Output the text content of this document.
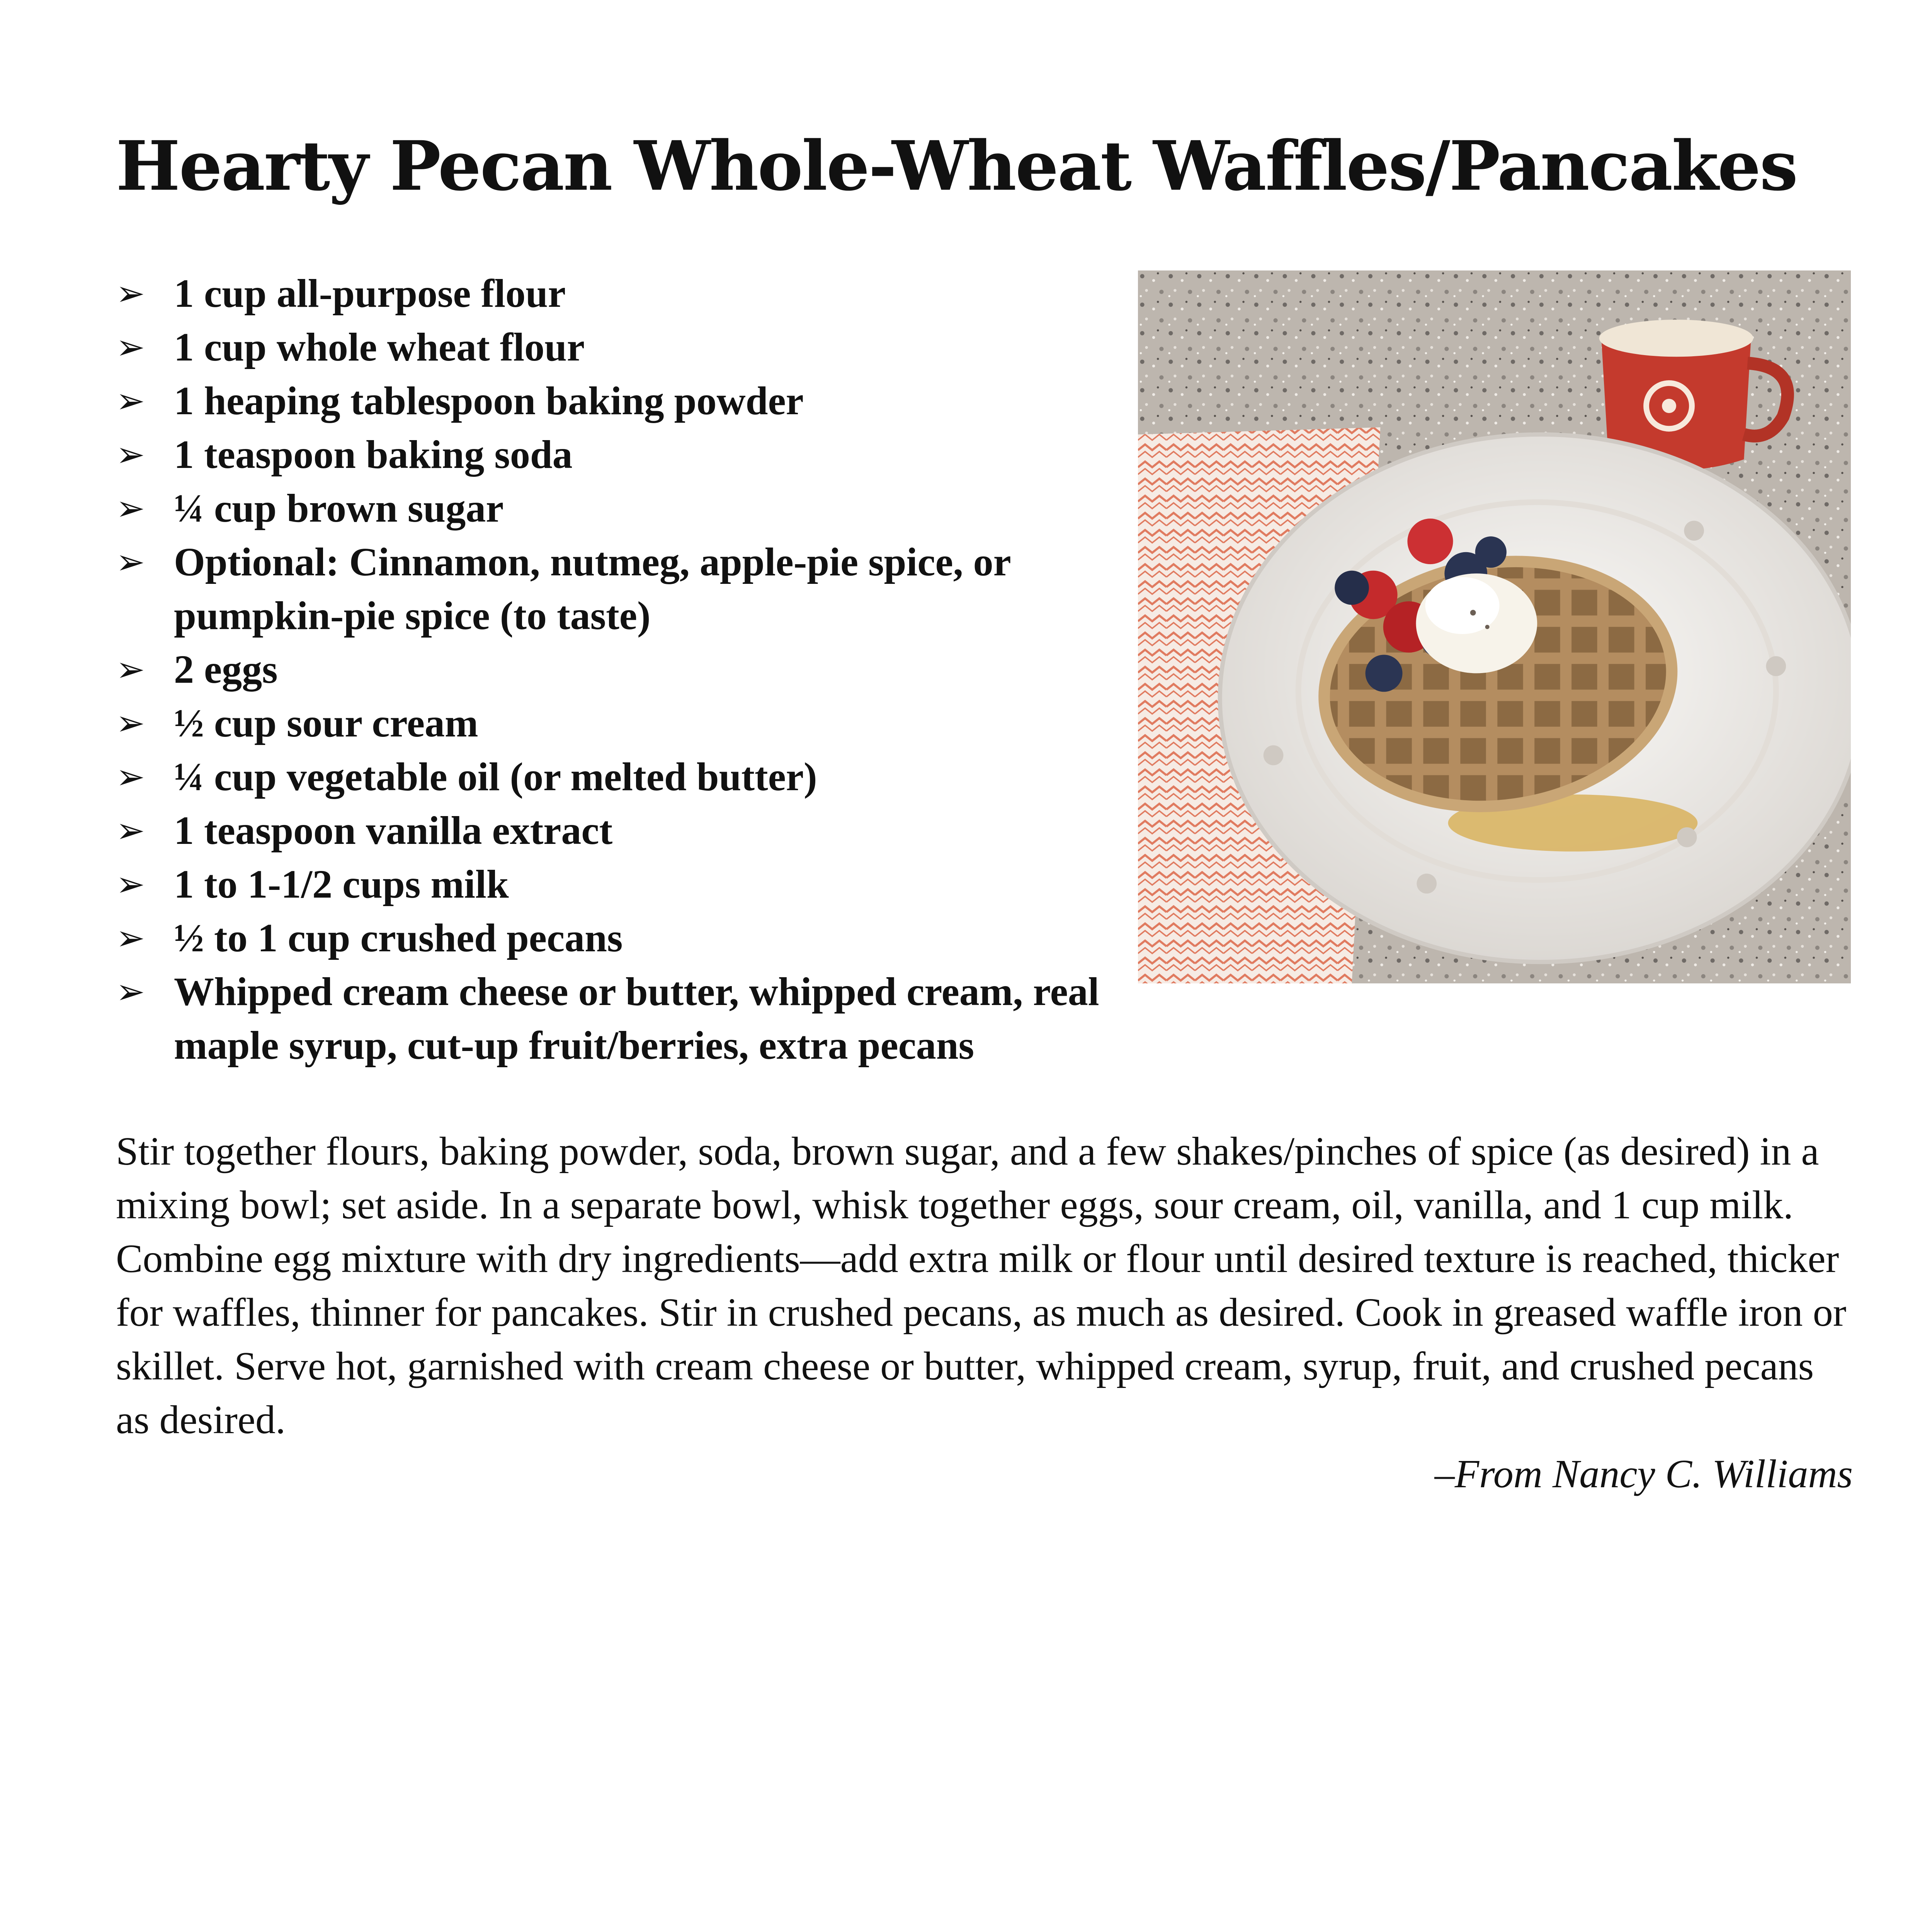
Hearty Pecan Whole-Wheat Waffles/Pancakes
➢ 1 cup all-purpose flour
➢ 1 cup whole wheat flour
➢ 1 heaping tablespoon baking powder
➢ 1 teaspoon baking soda
➢ ¼ cup brown sugar
➢ Optional: Cinnamon, nutmeg, apple-pie spice, or pumpkin-pie spice (to taste)
➢ 2 eggs
➢ ½ cup sour cream
➢ ¼ cup vegetable oil (or melted butter)
➢ 1 teaspoon vanilla extract
➢ 1 to 1-1/2 cups milk
➢ ½ to 1 cup crushed pecans
➢ Whipped cream cheese or butter, whipped cream, real maple syrup, cut-up fruit/berries, extra pecans

Stir together flours, baking powder, soda, brown sugar, and a few shakes/pinches of spice (as desired) in a mixing bowl; set aside. In a separate bowl, whisk together eggs, sour cream, oil, vanilla, and 1 cup milk. Combine egg mixture with dry ingredients—add extra milk or flour until desired texture is reached, thicker for waffles, thinner for pancakes. Stir in crushed pecans, as much as desired. Cook in greased waffle iron or skillet. Serve hot, garnished with cream cheese or butter, whipped cream, syrup, fruit, and crushed pecans as desired.

–From Nancy C. Williams
